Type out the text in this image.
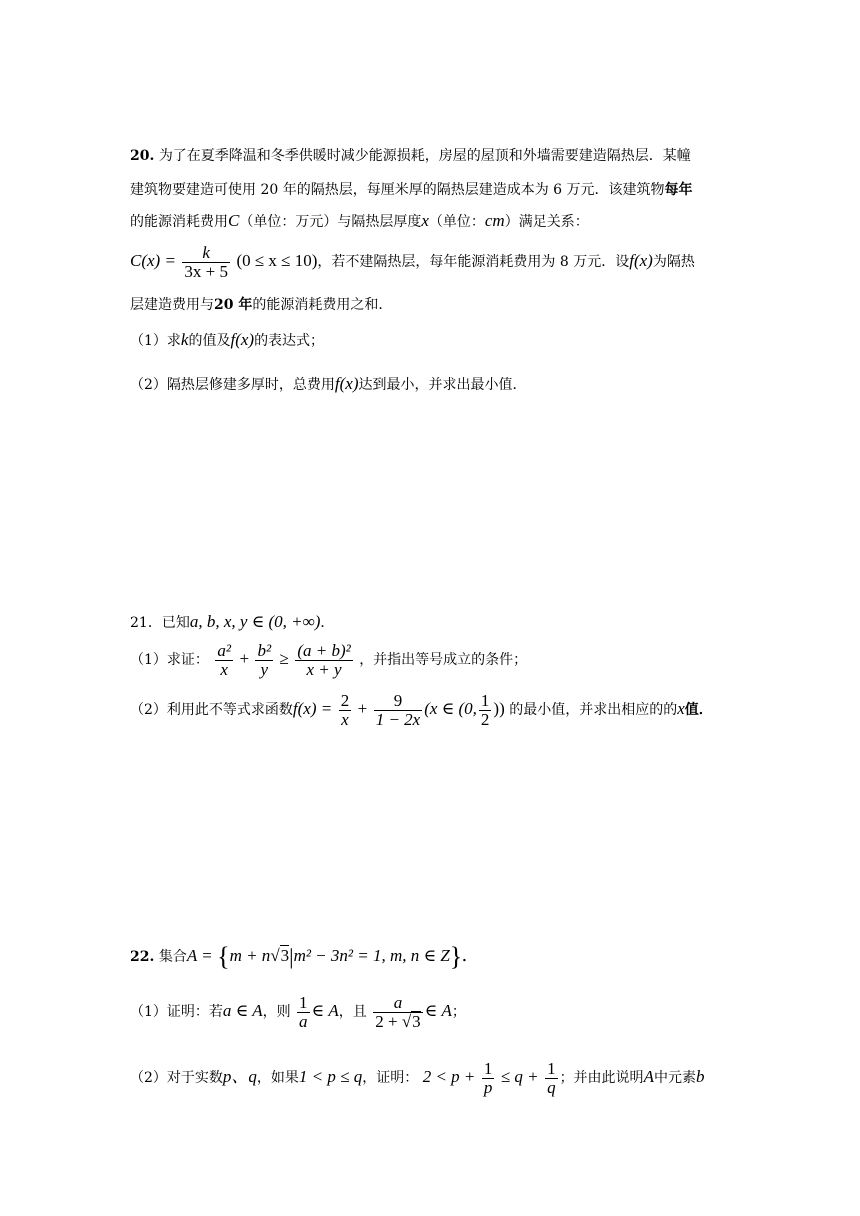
20. 为了在夏季降温和冬季供暖时减少能源损耗，房屋的屋顶和外墙需要建造隔热层．某幢
建筑物要建造可使用 20 年的隔热层，每厘米厚的隔热层建造成本为 6 万元．该建筑物每年
的能源消耗费用C（单位：万元）与隔热层厚度x（单位：cm）满足关系：
$C(x) = \frac{k}{3x + 5} (0 \le x \le 10)$，若不建隔热层，每年能源消耗费用为 8 万元．设f(x)为隔热
层建造费用与20 年的能源消耗费用之和．
（1）求k的值及f(x)的表达式；
（2）隔热层修建多厚时，总费用f(x)达到最小，并求出最小值．
21．已知a, b, x, y ∈ (0, +∞)．
（1）求证： $\frac{\text{a²}}{x} + \frac{\text{b²}}{y} \ge \frac{\text{(a + b)²}}{x + y}$ ，并指出等号成立的条件；
（2）利用此不等式求函数$f(x) = \frac{2}{x} + \frac{9}{1 - 2x} (x$ ∈ (0, $\frac{1}{2}$ )) 的最小值，并求出相应的的x值．
22. 集合A = {m + n√3|m² − 3n² = 1, m, n ∈ Z}．
（1）证明：若a ∈ A，则 $\frac{1}{a}$ ∈ A，且 $\frac{a}{2 + √3}$ ∈ A；
（2）对于实数p、q，如果1 < p ≤ q，证明： $2 < p + \frac{1}{p} \le q + \frac{1}{q}$ ；并由此说明A中元素b
